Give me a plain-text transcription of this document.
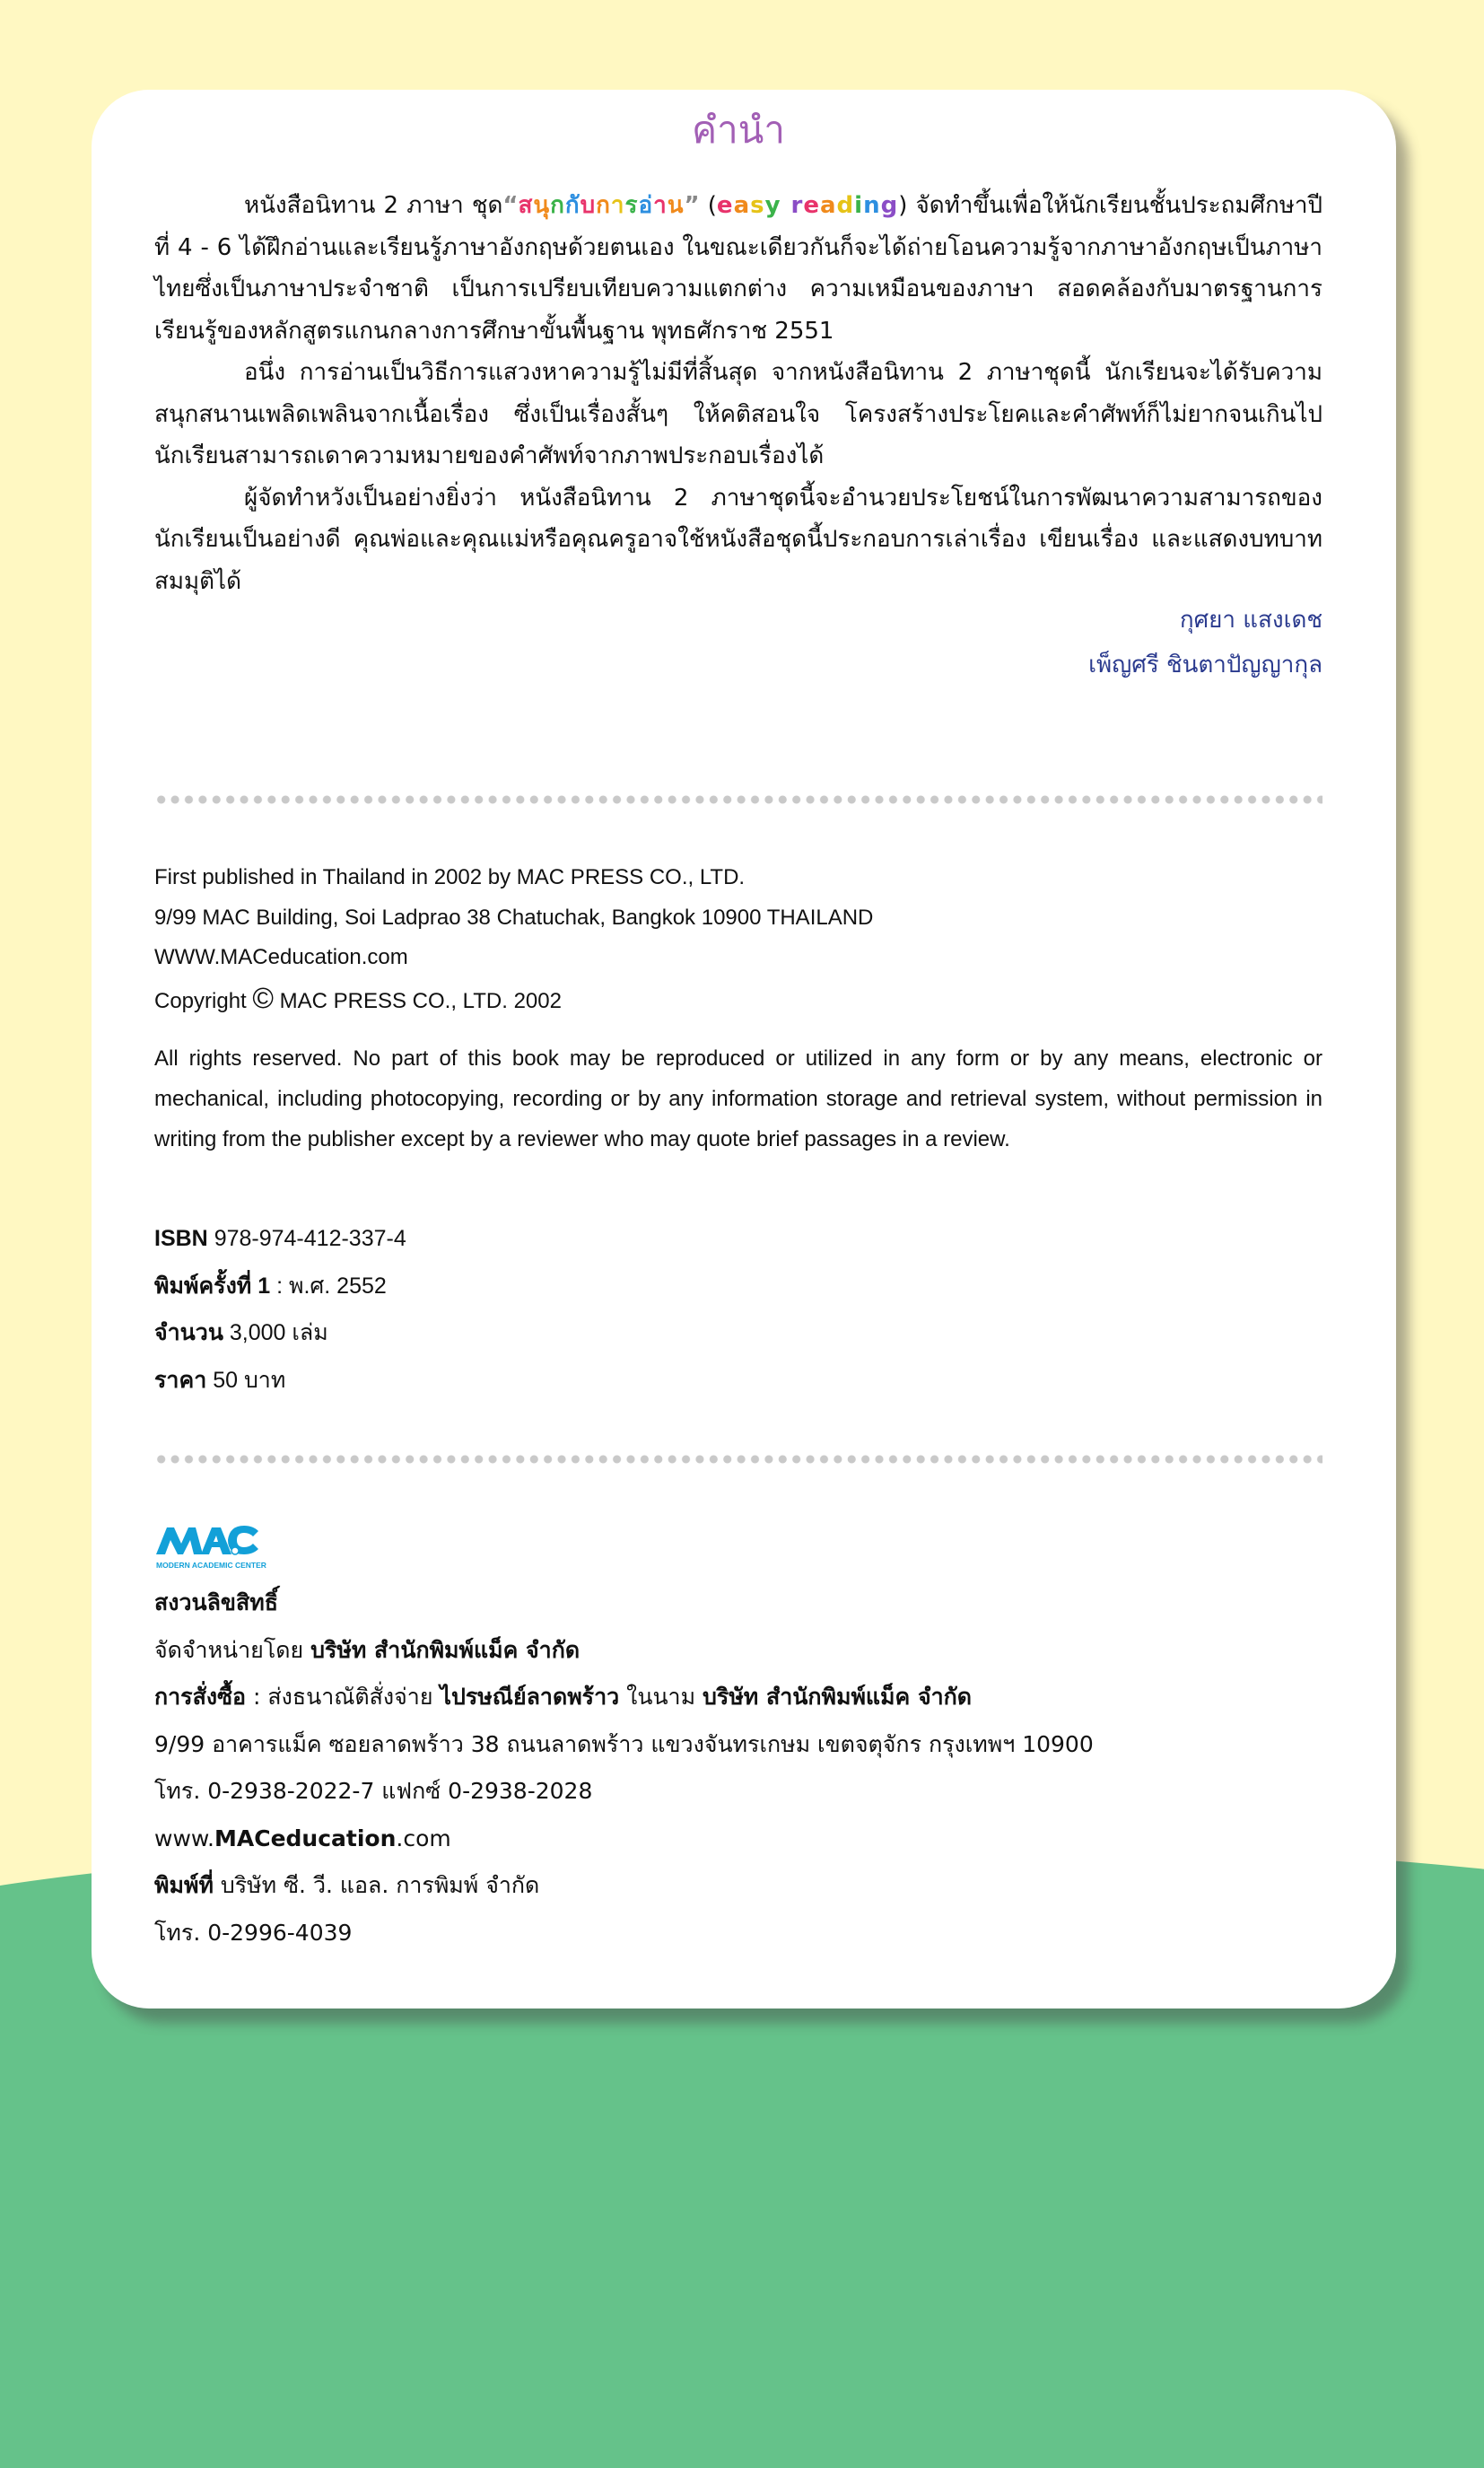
คำนำ

หนังสือนิทาน 2 ภาษา ชุด“สนกกบการอาน” (easy reading) จัดทำขึ้นเพื่อให้นักเรียนชั้นประถมศึกษาปีที่ 4 - 6 ได้ฝึกอ่านและเรียนรู้ภาษาอังกฤษด้วยตนเอง ในขณะเดียวกันก็จะได้ถ่ายโอนความรู้จากภาษาอังกฤษเป็นภาษาไทยซึ่งเป็นภาษาประจำชาติ เป็นการเปรียบเทียบความแตกต่าง ความเหมือนของภาษา สอดคล้องกับมาตรฐานการเรียนรู้ของหลักสูตรแกนกลางการศึกษาขั้นพื้นฐาน พุทธศักราช 2551

อนึ่ง การอ่านเป็นวิธีการแสวงหาความรู้ไม่มีที่สิ้นสุด จากหนังสือนิทาน 2 ภาษาชุดนี้ นักเรียนจะได้รับความสนุกสนานเพลิดเพลินจากเนื้อเรื่อง ซึ่งเป็นเรื่องสั้นๆ ให้คติสอนใจ โครงสร้างประโยคและคำศัพท์ก็ไม่ยากจนเกินไป นักเรียนสามารถเดาความหมายของคำศัพท์จากภาพประกอบเรื่องได้

ผู้จัดทำหวังเป็นอย่างยิ่งว่า หนังสือนิทาน 2 ภาษาชุดนี้จะอำนวยประโยชน์ในการพัฒนาความสามารถของนักเรียนเป็นอย่างดี คุณพ่อและคุณแม่หรือคุณครูอาจใช้หนังสือชุดนี้ประกอบการเล่าเรื่อง เขียนเรื่อง และแสดงบทบาทสมมุติได้

กุศยา แสงเดช
เพ็ญศรี ชินตาปัญญากุล
First published in Thailand in 2002 by MAC PRESS CO., LTD.
9/99 MAC Building, Soi Ladprao 38 Chatuchak, Bangkok 10900 THAILAND
WWW.MACeducation.com
Copyright © MAC PRESS CO., LTD. 2002

All rights reserved. No part of this book may be reproduced or utilized in any form or by any means, electronic or mechanical, including photocopying, recording or by any information storage and retrieval system, without permission in writing from the publisher except by a reviewer who may quote brief passages in a review.

ISBN 978-974-412-337-4
พิมพ์ครั้งที่ 1 : พ.ศ. 2552
จำนวน 3,000 เล่ม
ราคา 50 บาท
MODERN ACADEMIC CENTER
สงวนลิขสิทธิ์
จัดจำหน่ายโดย บริษัท สำนักพิมพ์แม็ค จำกัด
การสั่งซื้อ : ส่งธนาณัติสั่งจ่าย ไปรษณีย์ลาดพร้าว ในนาม บริษัท สำนักพิมพ์แม็ค จำกัด
9/99 อาคารแม็ค ซอยลาดพร้าว 38 ถนนลาดพร้าว แขวงจันทรเกษม เขตจตุจักร กรุงเทพฯ 10900
โทร. 0-2938-2022-7 แฟกซ์ 0-2938-2028
www.MACeducation.com
พิมพ์ที่ บริษัท ซี. วี. แอล. การพิมพ์ จำกัด
โทร. 0-2996-4039
